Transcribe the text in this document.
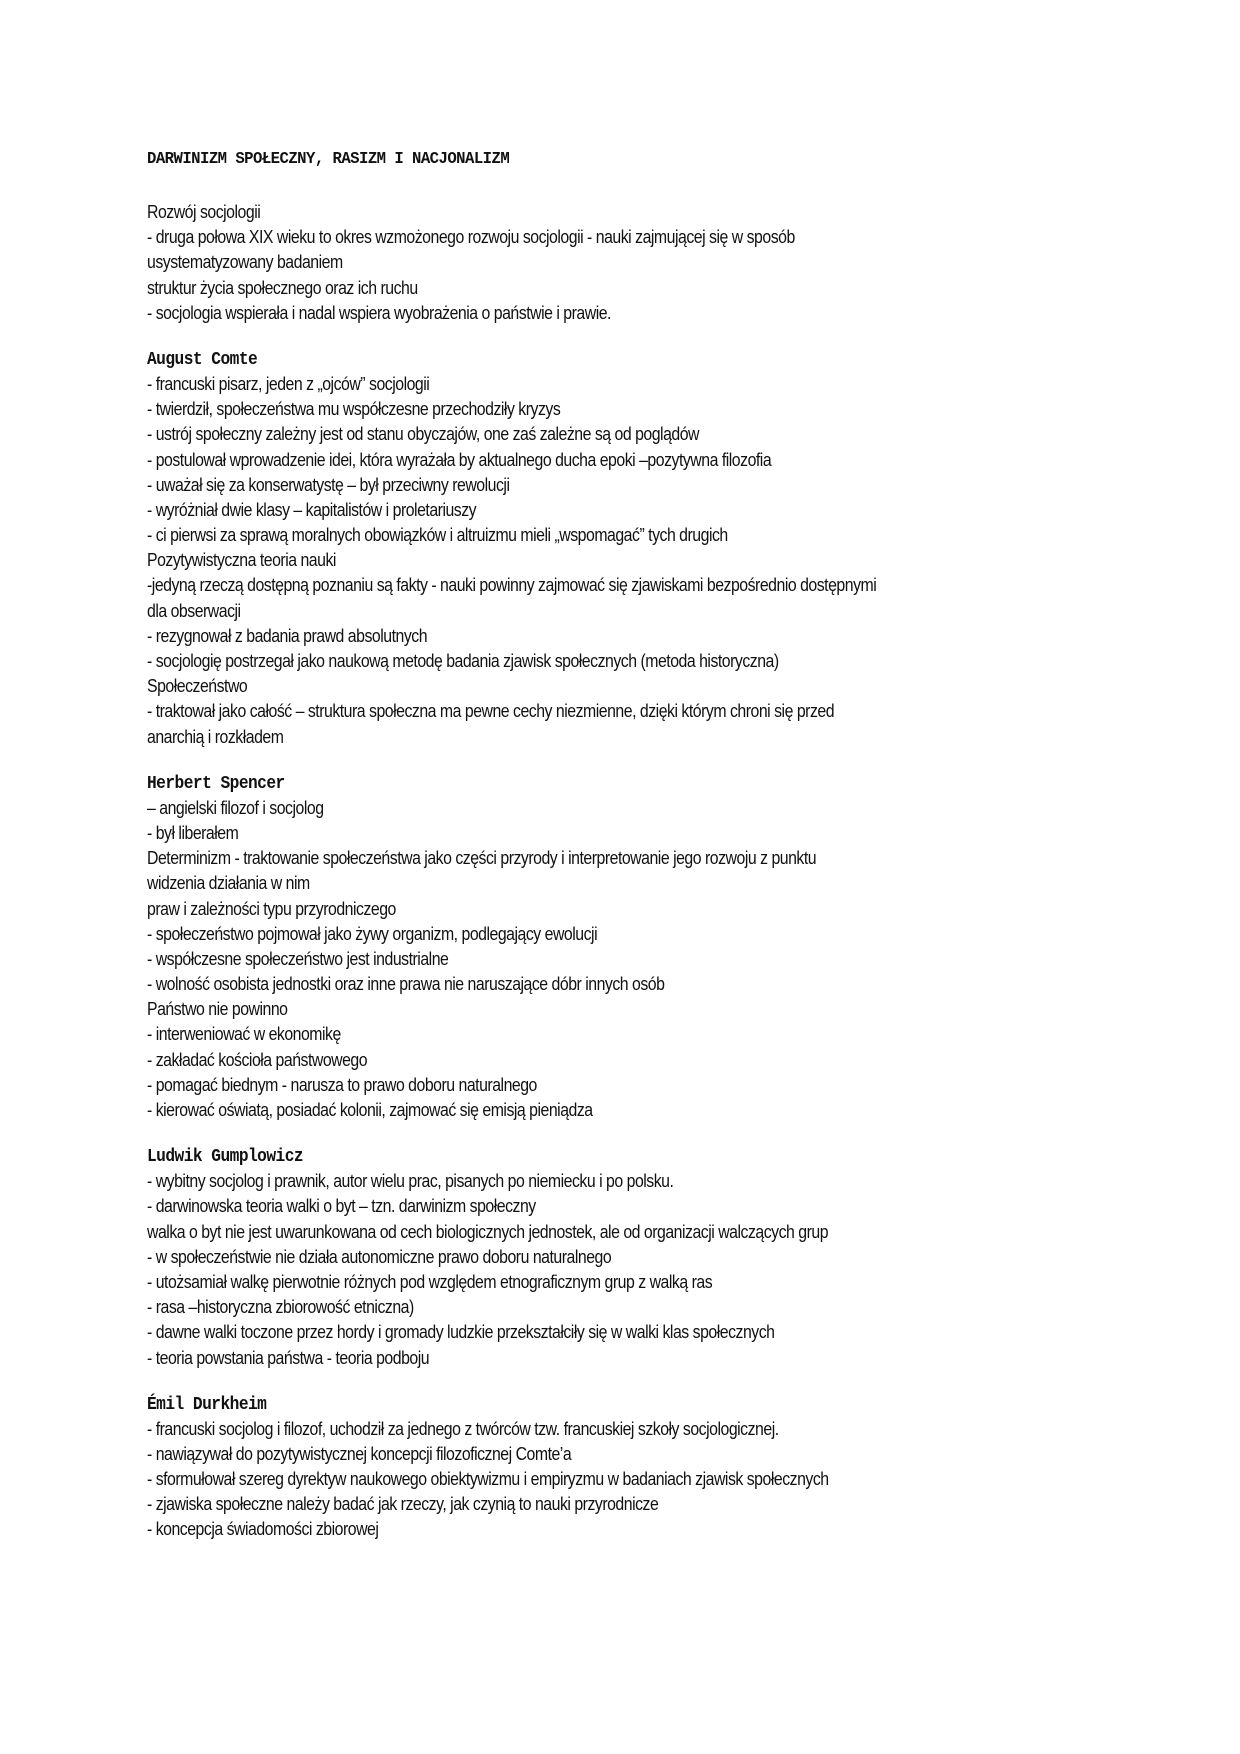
DARWINIZM SPOŁECZNY, RASIZM I NACJONALIZM
Rozwój socjologii
- druga połowa XIX wieku to okres wzmożonego rozwoju socjologii - nauki zajmującej się w sposób
usystematyzowany badaniem
struktur życia społecznego oraz ich ruchu
- socjologia wspierała i nadal wspiera wyobrażenia o państwie i prawie.
August Comte
- francuski pisarz, jeden z „ojców” socjologii
- twierdził, społeczeństwa mu współczesne przechodziły kryzys
- ustrój społeczny zależny jest od stanu obyczajów, one zaś zależne są od poglądów
- postulował wprowadzenie idei, która wyrażała by aktualnego ducha epoki –pozytywna filozofia
- uważał się za konserwatystę – był przeciwny rewolucji
- wyróżniał dwie klasy – kapitalistów i proletariuszy
- ci pierwsi za sprawą moralnych obowiązków i altruizmu mieli „wspomagać” tych drugich
Pozytywistyczna teoria nauki
-jedyną rzeczą dostępną poznaniu są fakty - nauki powinny zajmować się zjawiskami bezpośrednio dostępnymi
dla obserwacji
- rezygnował z badania prawd absolutnych
- socjologię postrzegał jako naukową metodę badania zjawisk społecznych (metoda historyczna)
Społeczeństwo
- traktował jako całość – struktura społeczna ma pewne cechy niezmienne, dzięki którym chroni się przed
anarchią i rozkładem
Herbert Spencer
– angielski filozof i socjolog
- był liberałem
Determinizm - traktowanie społeczeństwa jako części przyrody i interpretowanie jego rozwoju z punktu
widzenia działania w nim
praw i zależności typu przyrodniczego
- społeczeństwo pojmował jako żywy organizm, podlegający ewolucji
- współczesne społeczeństwo jest industrialne
- wolność osobista jednostki oraz inne prawa nie naruszające dóbr innych osób
Państwo nie powinno
- interweniować w ekonomikę
- zakładać kościoła państwowego
- pomagać biednym - narusza to prawo doboru naturalnego
- kierować oświatą, posiadać kolonii, zajmować się emisją pieniądza
Ludwik Gumplowicz
- wybitny socjolog i prawnik, autor wielu prac, pisanych po niemiecku i po polsku.
- darwinowska teoria walki o byt – tzn. darwinizm społeczny
walka o byt nie jest uwarunkowana od cech biologicznych jednostek, ale od organizacji walczących grup
- w społeczeństwie nie działa autonomiczne prawo doboru naturalnego
- utożsamiał walkę pierwotnie różnych pod względem etnograficznym grup z walką ras
- rasa –historyczna zbiorowość etniczna)
- dawne walki toczone przez hordy i gromady ludzkie przekształciły się w walki klas społecznych
- teoria powstania państwa - teoria podboju
Émil Durkheim
- francuski socjolog i filozof, uchodził za jednego z twórców tzw. francuskiej szkoły socjologicznej.
- nawiązywał do pozytywistycznej koncepcji filozoficznej Comte’a
- sformułował szereg dyrektyw naukowego obiektywizmu i empiryzmu w badaniach zjawisk społecznych
- zjawiska społeczne należy badać jak rzeczy, jak czynią to nauki przyrodnicze
- koncepcja świadomości zbiorowej
